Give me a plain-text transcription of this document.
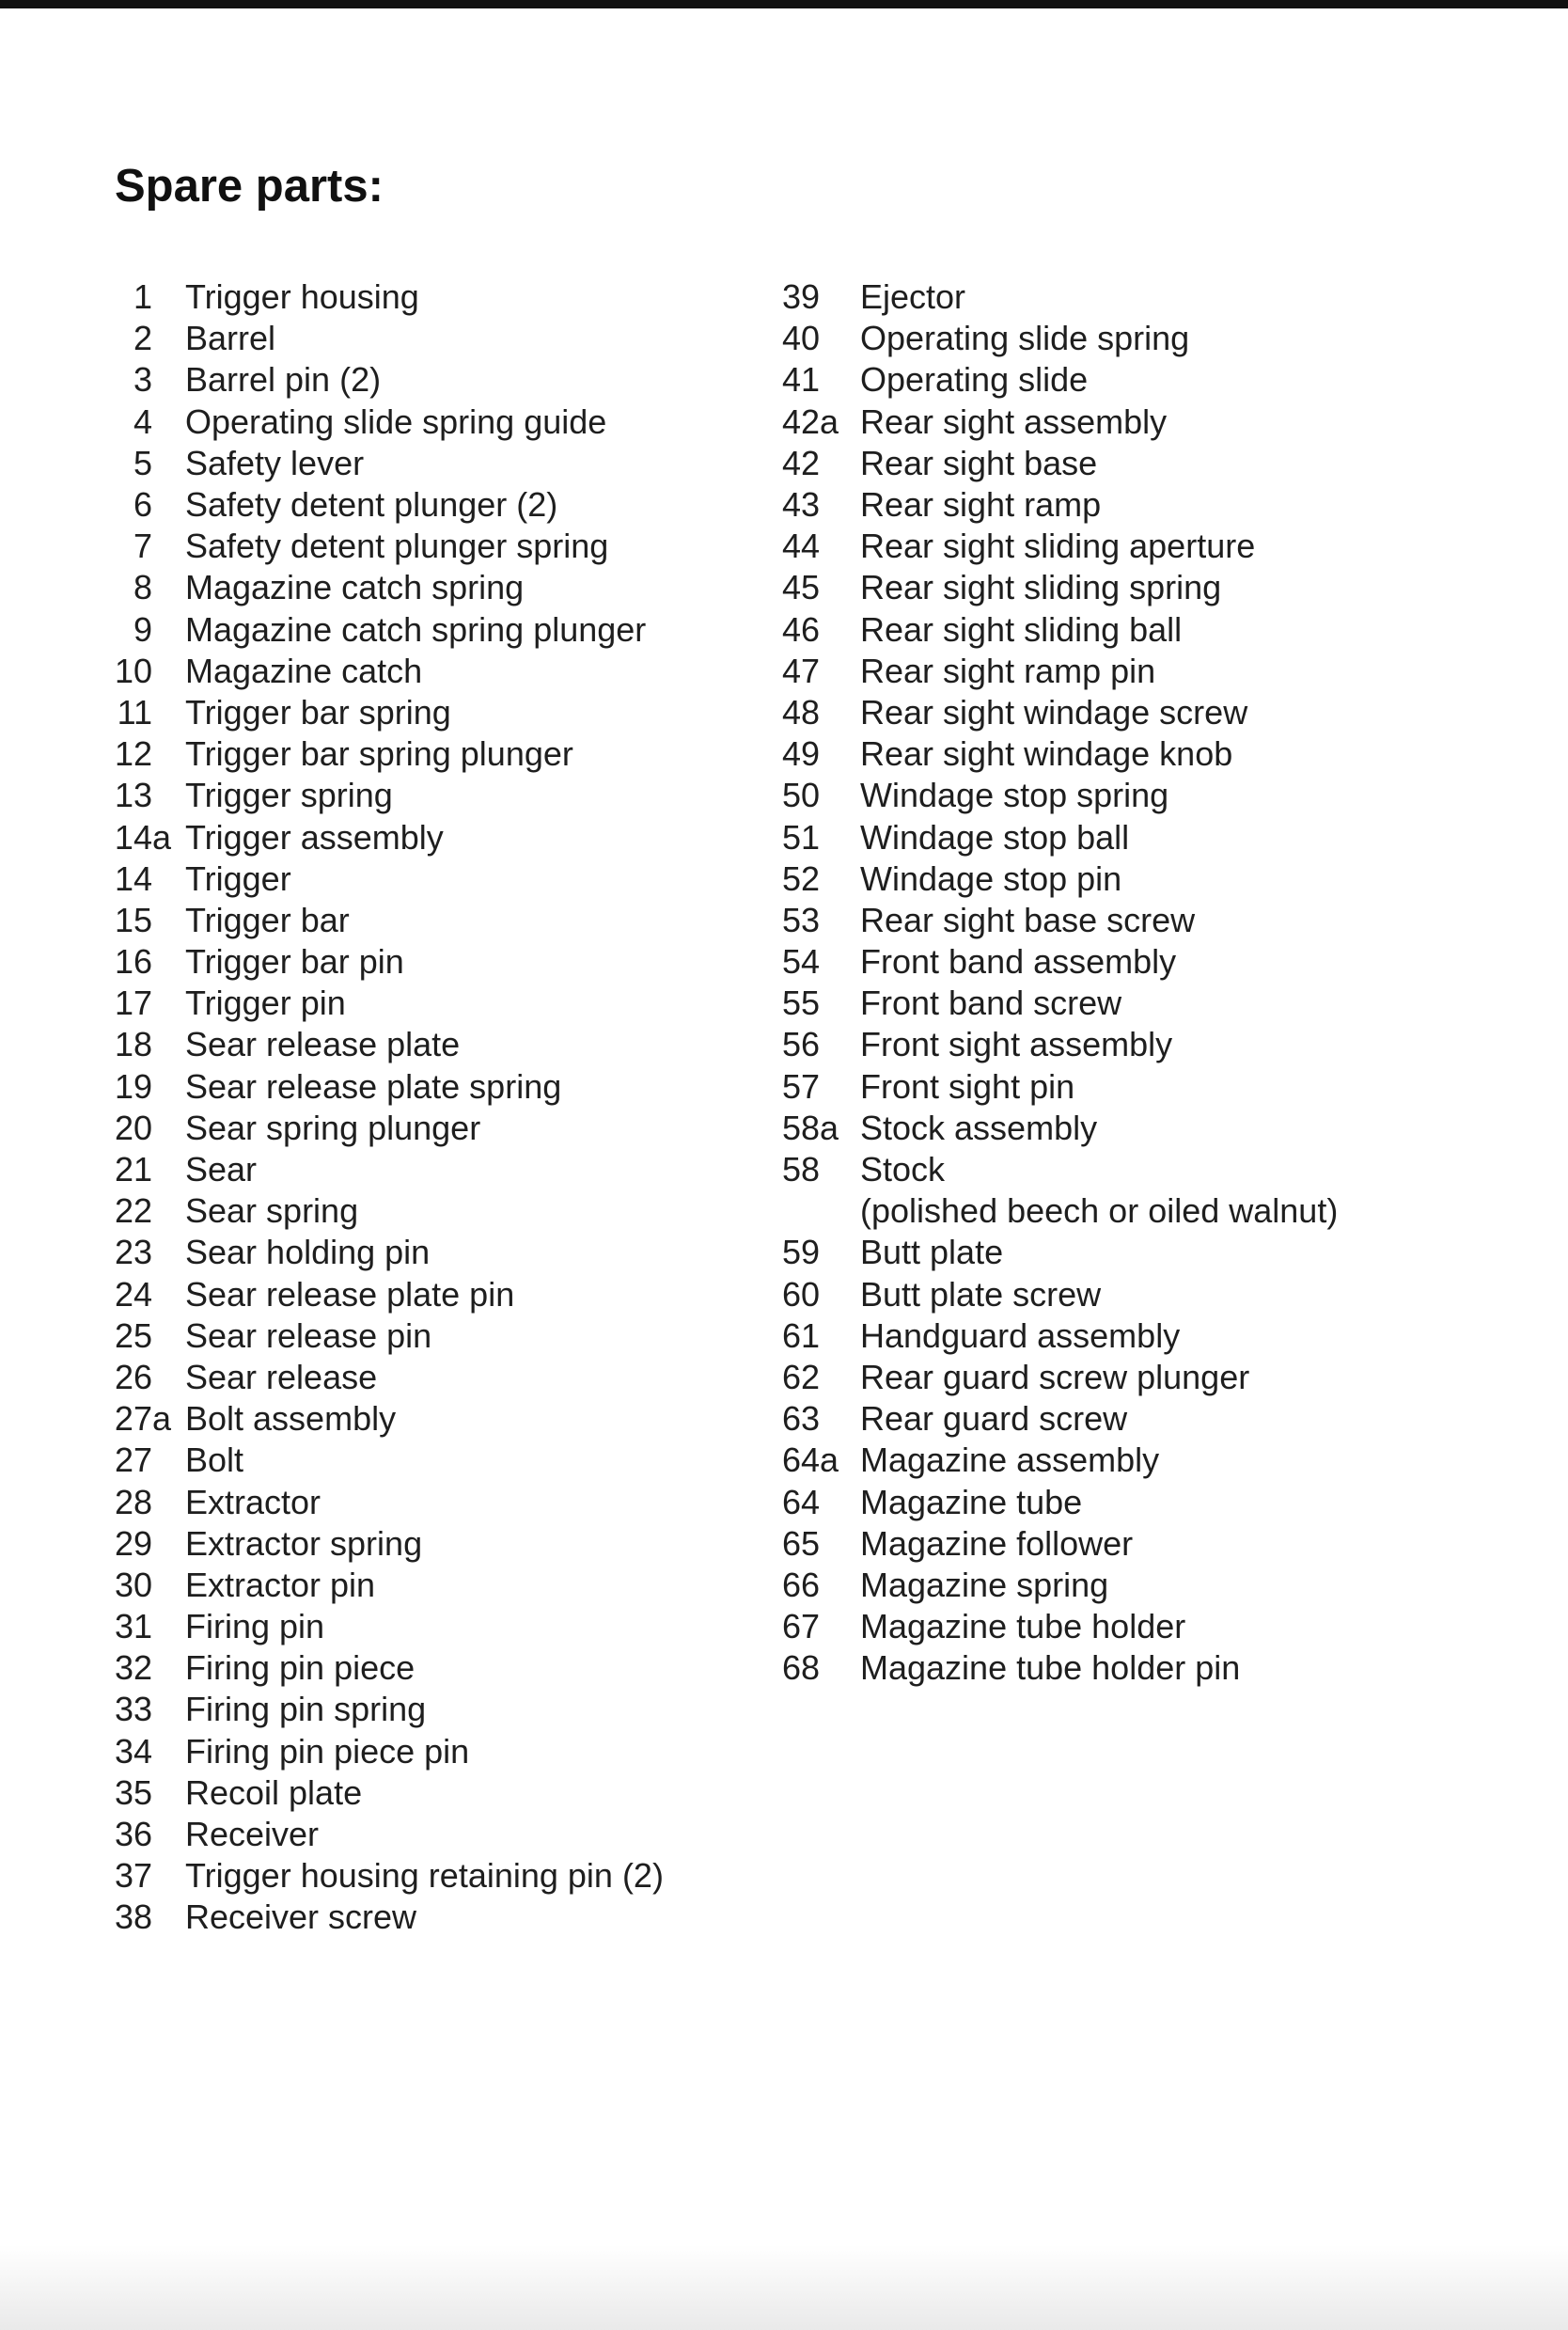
Spare parts:
1 Trigger housing
2 Barrel
3 Barrel pin (2)
4 Operating slide spring guide
5 Safety lever
6 Safety detent plunger (2)
7 Safety detent plunger spring
8 Magazine catch spring
9 Magazine catch spring plunger
10 Magazine catch
11 Trigger bar spring
12 Trigger bar spring plunger
13 Trigger spring
14a Trigger assembly
14 Trigger
15 Trigger bar
16 Trigger bar pin
17 Trigger pin
18 Sear release plate
19 Sear release plate spring
20 Sear spring plunger
21 Sear
22 Sear spring
23 Sear holding pin
24 Sear release plate pin
25 Sear release pin
26 Sear release
27a Bolt assembly
27 Bolt
28 Extractor
29 Extractor spring
30 Extractor pin
31 Firing pin
32 Firing pin piece
33 Firing pin spring
34 Firing pin piece pin
35 Recoil plate
36 Receiver
37 Trigger housing retaining pin (2)
38 Receiver screw
39 Ejector
40 Operating slide spring
41 Operating slide
42a Rear sight assembly
42 Rear sight base
43 Rear sight ramp
44 Rear sight sliding aperture
45 Rear sight sliding spring
46 Rear sight sliding ball
47 Rear sight ramp pin
48 Rear sight windage screw
49 Rear sight windage knob
50 Windage stop spring
51 Windage stop ball
52 Windage stop pin
53 Rear sight base screw
54 Front band assembly
55 Front band screw
56 Front sight assembly
57 Front sight pin
58a Stock assembly
58 Stock
(polished beech or oiled walnut)
59 Butt plate
60 Butt plate screw
61 Handguard assembly
62 Rear guard screw plunger
63 Rear guard screw
64a Magazine assembly
64 Magazine tube
65 Magazine follower
66 Magazine spring
67 Magazine tube holder
68 Magazine tube holder pin
